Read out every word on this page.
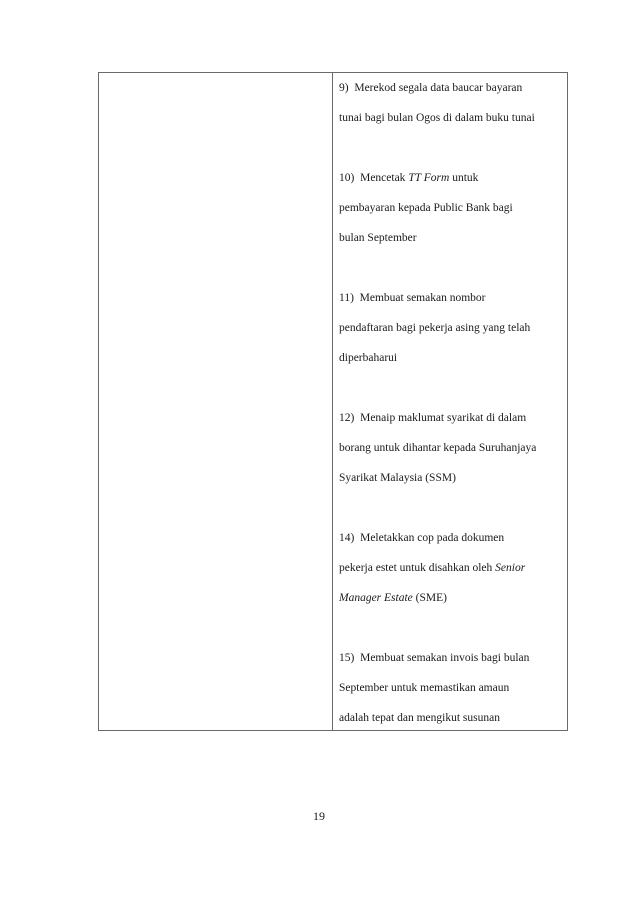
9) Merekod segala data baucar bayaran
tunai bagi bulan Ogos di dalam buku tunai
10) Mencetak TT Form untuk
pembayaran kepada Public Bank bagi
bulan September
11) Membuat semakan nombor
pendaftaran bagi pekerja asing yang telah
diperbaharui
12) Menaip maklumat syarikat di dalam
borang untuk dihantar kepada Suruhanjaya
Syarikat Malaysia (SSM)
14) Meletakkan cop pada dokumen
pekerja estet untuk disahkan oleh Senior
Manager Estate (SME)
15) Membuat semakan invois bagi bulan
September untuk memastikan amaun
adalah tepat dan mengikut susunan
19
